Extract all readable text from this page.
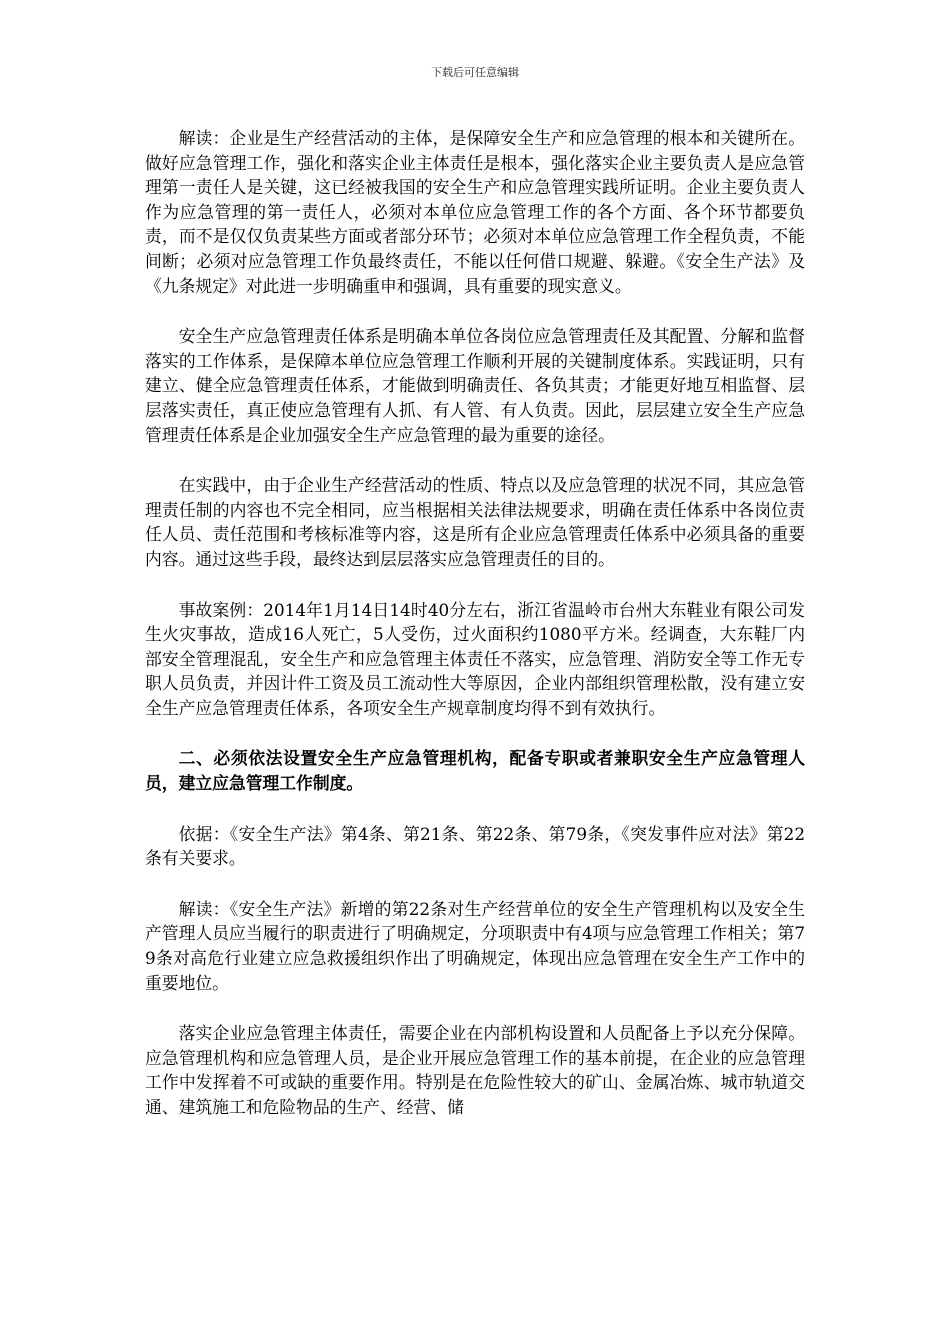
下载后可任意编辑

解读：企业是生产经营活动的主体，是保障安全生产和应急管理的根本和关键所在。做好应急管理工作，强化和落实企业主体责任是根本，强化落实企业主要负责人是应急管理第一责任人是关键，这已经被我国的安全生产和应急管理实践所证明。企业主要负责人作为应急管理的第一责任人，必须对本单位应急管理工作的各个方面、各个环节都要负责，而不是仅仅负责某些方面或者部分环节；必须对本单位应急管理工作全程负责，不能间断；必须对应急管理工作负最终责任，不能以任何借口规避、躲避。《安全生产法》及《九条规定》对此进一步明确重申和强调，具有重要的现实意义。

安全生产应急管理责任体系是明确本单位各岗位应急管理责任及其配置、分解和监督落实的工作体系，是保障本单位应急管理工作顺利开展的关键制度体系。实践证明，只有建立、健全应急管理责任体系，才能做到明确责任、各负其责；才能更好地互相监督、层层落实责任，真正使应急管理有人抓、有人管、有人负责。因此，层层建立安全生产应急管理责任体系是企业加强安全生产应急管理的最为重要的途径。

在实践中，由于企业生产经营活动的性质、特点以及应急管理的状况不同，其应急管理责任制的内容也不完全相同，应当根据相关法律法规要求，明确在责任体系中各岗位责任人员、责任范围和考核标准等内容，这是所有企业应急管理责任体系中必须具备的重要内容。通过这些手段，最终达到层层落实应急管理责任的目的。

事故案例：2014年1月14日14时40分左右，浙江省温岭市台州大东鞋业有限公司发生火灾事故，造成16人死亡，5人受伤，过火面积约1080平方米。经调查，大东鞋厂内部安全管理混乱，安全生产和应急管理主体责任不落实，应急管理、消防安全等工作无专职人员负责，并因计件工资及员工流动性大等原因，企业内部组织管理松散，没有建立安全生产应急管理责任体系，各项安全生产规章制度均得不到有效执行。

二、必须依法设置安全生产应急管理机构，配备专职或者兼职安全生产应急管理人员，建立应急管理工作制度。

依据：《安全生产法》第4条、第21条、第22条、第79条，《突发事件应对法》第22条有关要求。

解读：《安全生产法》新增的第22条对生产经营单位的安全生产管理机构以及安全生产管理人员应当履行的职责进行了明确规定，分项职责中有4项与应急管理工作相关；第79条对高危行业建立应急救援组织作出了明确规定，体现出应急管理在安全生产工作中的重要地位。

落实企业应急管理主体责任，需要企业在内部机构设置和人员配备上予以充分保障。应急管理机构和应急管理人员，是企业开展应急管理工作的基本前提，在企业的应急管理工作中发挥着不可或缺的重要作用。特别是在危险性较大的矿山、金属冶炼、城市轨道交通、建筑施工和危险物品的生产、经营、储
